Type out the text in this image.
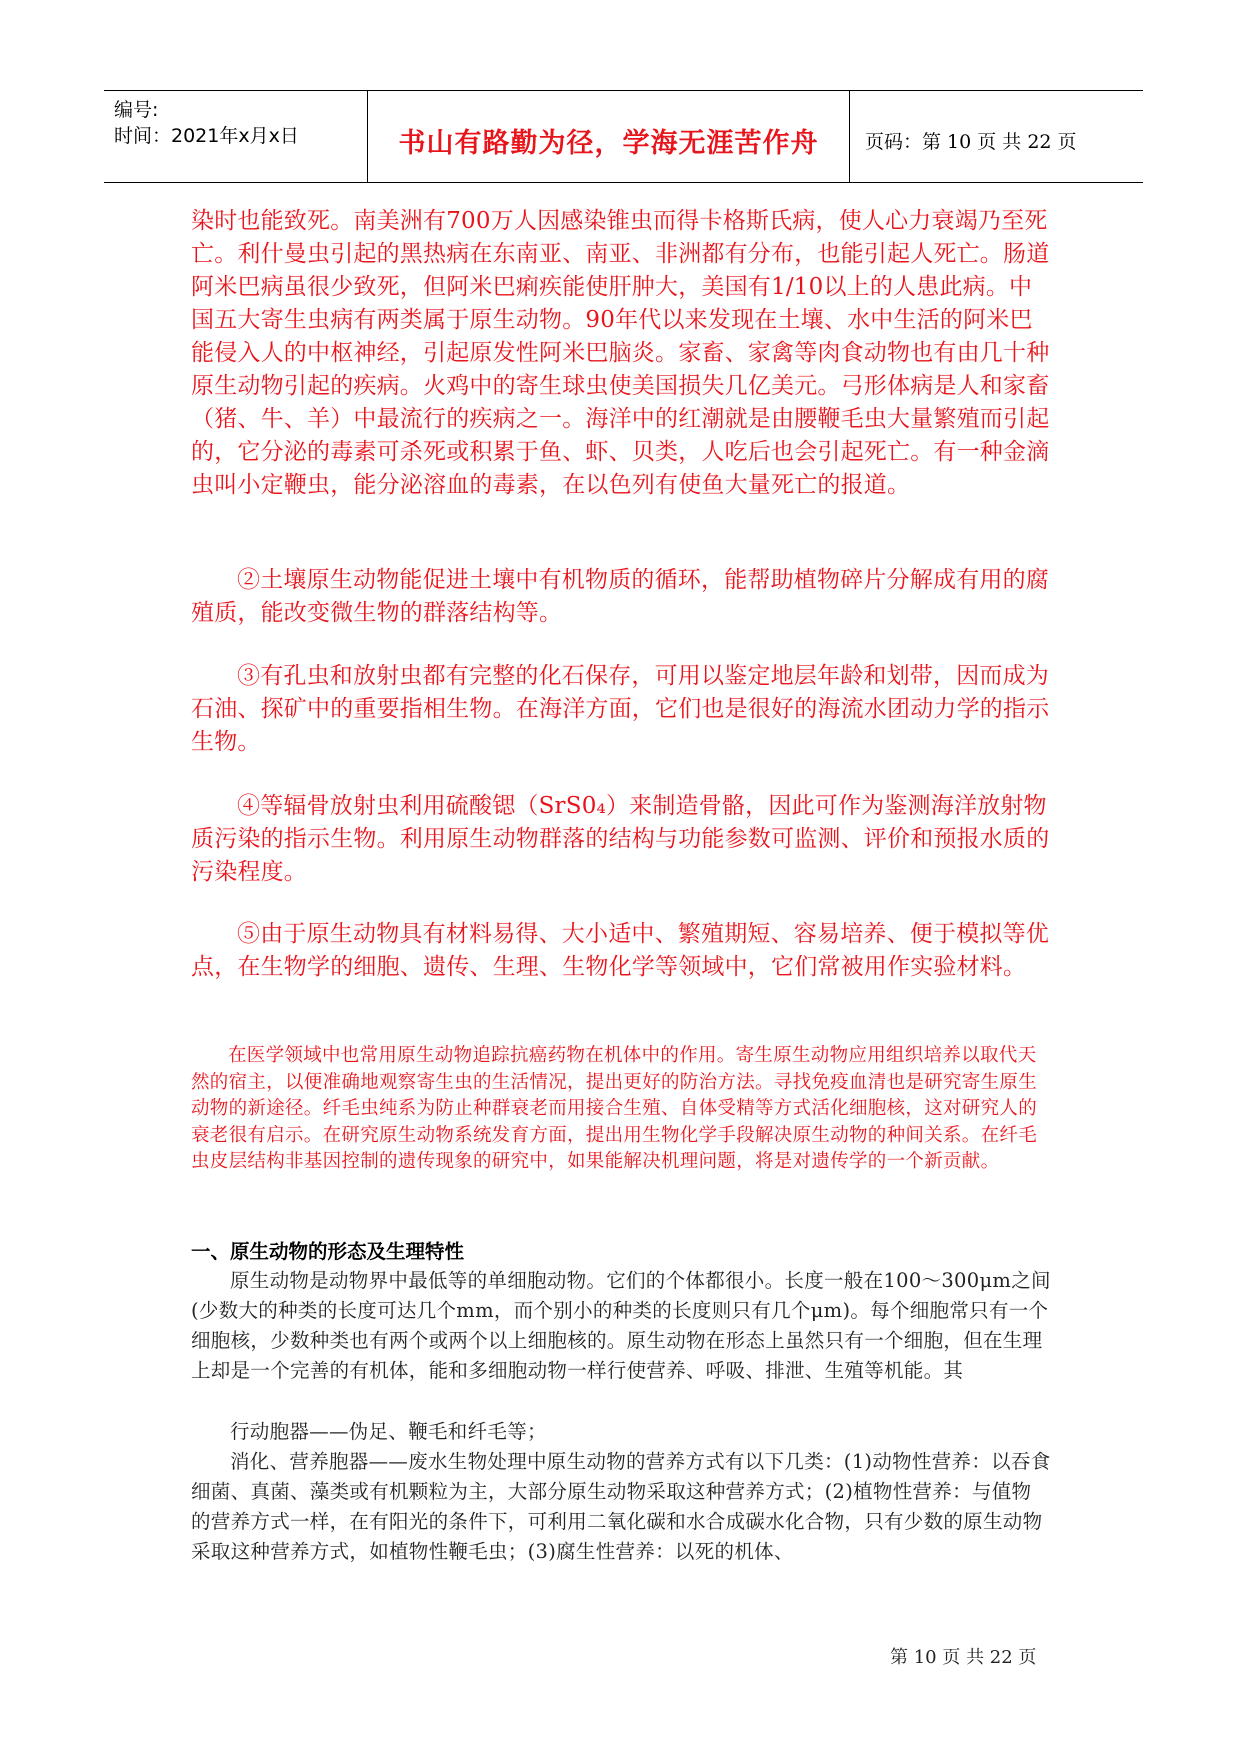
编号:
时间：2021年x月x日	书山有路勤为径，学海无涯苦作舟	页码：第 10 页 共 22 页

染时也能致死。南美洲有700万人因感染锥虫而得卡格斯氏病，使人心力衰竭乃至死亡。利什曼虫引起的黑热病在东南亚、南亚、非洲都有分布，也能引起人死亡。肠道阿米巴病虽很少致死，但阿米巴痢疾能使肝肿大，美国有1/10以上的人患此病。中国五大寄生虫病有两类属于原生动物。90年代以来发现在土壤、水中生活的阿米巴能侵入人的中枢神经，引起原发性阿米巴脑炎。家畜、家禽等肉食动物也有由几十种原生动物引起的疾病。火鸡中的寄生球虫使美国损失几亿美元。弓形体病是人和家畜（猪、牛、羊）中最流行的疾病之一。海洋中的红潮就是由腰鞭毛虫大量繁殖而引起的，它分泌的毒素可杀死或积累于鱼、虾、贝类，人吃后也会引起死亡。有一种金滴虫叫小定鞭虫，能分泌溶血的毒素，在以色列有使鱼大量死亡的报道。

②土壤原生动物能促进土壤中有机物质的循环，能帮助植物碎片分解成有用的腐殖质，能改变微生物的群落结构等。

③有孔虫和放射虫都有完整的化石保存，可用以鉴定地层年龄和划带，因而成为石油、探矿中的重要指相生物。在海洋方面，它们也是很好的海流水团动力学的指示生物。

④等辐骨放射虫利用硫酸锶（SrS0₄）来制造骨骼，因此可作为鉴测海洋放射物质污染的指示生物。利用原生动物群落的结构与功能参数可监测、评价和预报水质的污染程度。

⑤由于原生动物具有材料易得、大小适中、繁殖期短、容易培养、便于模拟等优点，在生物学的细胞、遗传、生理、生物化学等领域中，它们常被用作实验材料。

在医学领域中也常用原生动物追踪抗癌药物在机体中的作用。寄生原生动物应用组织培养以取代天然的宿主，以便准确地观察寄生虫的生活情况，提出更好的防治方法。寻找免疫血清也是研究寄生原生动物的新途径。纤毛虫纯系为防止种群衰老而用接合生殖、自体受精等方式活化细胞核，这对研究人的衰老很有启示。在研究原生动物系统发育方面，提出用生物化学手段解决原生动物的种间关系。在纤毛虫皮层结构非基因控制的遗传现象的研究中，如果能解决机理问题，将是对遗传学的一个新贡献。

一、原生动物的形态及生理特性

原生动物是动物界中最低等的单细胞动物。它们的个体都很小。长度一般在100～300μm之间(少数大的种类的长度可达几个mm，而个别小的种类的长度则只有几个μm)。每个细胞常只有一个细胞核，少数种类也有两个或两个以上细胞核的。原生动物在形态上虽然只有一个细胞，但在生理上却是一个完善的有机体，能和多细胞动物一样行使营养、呼吸、排泄、生殖等机能。其

行动胞器——伪足、鞭毛和纤毛等；

消化、营养胞器——废水生物处理中原生动物的营养方式有以下几类：(1)动物性营养：以吞食细菌、真菌、藻类或有机颗粒为主，大部分原生动物采取这种营养方式；(2)植物性营养：与值物的营养方式一样，在有阳光的条件下，可利用二氧化碳和水合成碳水化合物，只有少数的原生动物采取这种营养方式，如植物性鞭毛虫；(3)腐生性营养：以死的机体、

第 10 页 共 22 页
